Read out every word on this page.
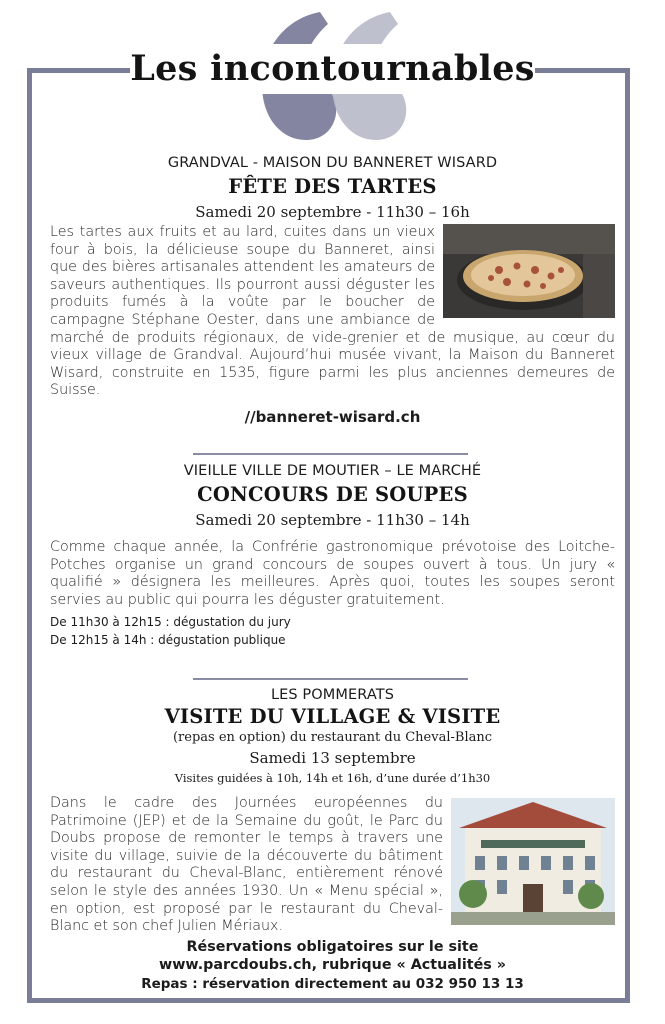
Les incontournables
GRANDVAL - MAISON DU BANNERET WISARD
FÊTE DES TARTES
Samedi 20 septembre - 11h30 – 16h
Les tartes aux fruits et au lard, cuites dans un vieux four à bois, la délicieuse soupe du Banneret, ainsi que des bières artisanales attendent les amateurs de saveurs authentiques. Ils pourront aussi déguster les produits fumés à la voûte par le boucher de campagne Stéphane Oester, dans une ambiance de marché de produits régionaux, de vide-grenier et de musique, au cœur du vieux village de Grandval. Aujourd’hui musée vivant, la Maison du Banneret Wisard, construite en 1535, figure parmi les plus anciennes demeures de Suisse.
//banneret-wisard.ch
VIEILLE VILLE DE MOUTIER – LE MARCHÉ
CONCOURS DE SOUPES
Samedi 20 septembre - 11h30 – 14h
Comme chaque année, la Confrérie gastronomique prévotoise des Loitche-Potches organise un grand concours de soupes ouvert à tous. Un jury « qualifié » désignera les meilleures. Après quoi, toutes les soupes seront servies au public qui pourra les déguster gratuitement.
De 11h30 à 12h15 : dégustation du jury
De 12h15 à 14h : dégustation publique
LES POMMERATS
VISITE DU VILLAGE & VISITE
(repas en option) du restaurant du Cheval-Blanc
Samedi 13 septembre
Visites guidées à 10h, 14h et 16h, d’une durée d’1h30
Dans le cadre des Journées européennes du Patrimoine (JEP) et de la Semaine du goût, le Parc du Doubs propose de remonter le temps à travers une visite du village, suivie de la découverte du bâtiment du restaurant du Cheval-Blanc, entièrement rénové selon le style des années 1930. Un « Menu spécial », en option, est proposé par le restaurant du Cheval-Blanc et son chef Julien Mériaux.
Réservations obligatoires sur le site
www.parcdoubs.ch, rubrique « Actualités »
Repas : réservation directement au 032 950 13 13
